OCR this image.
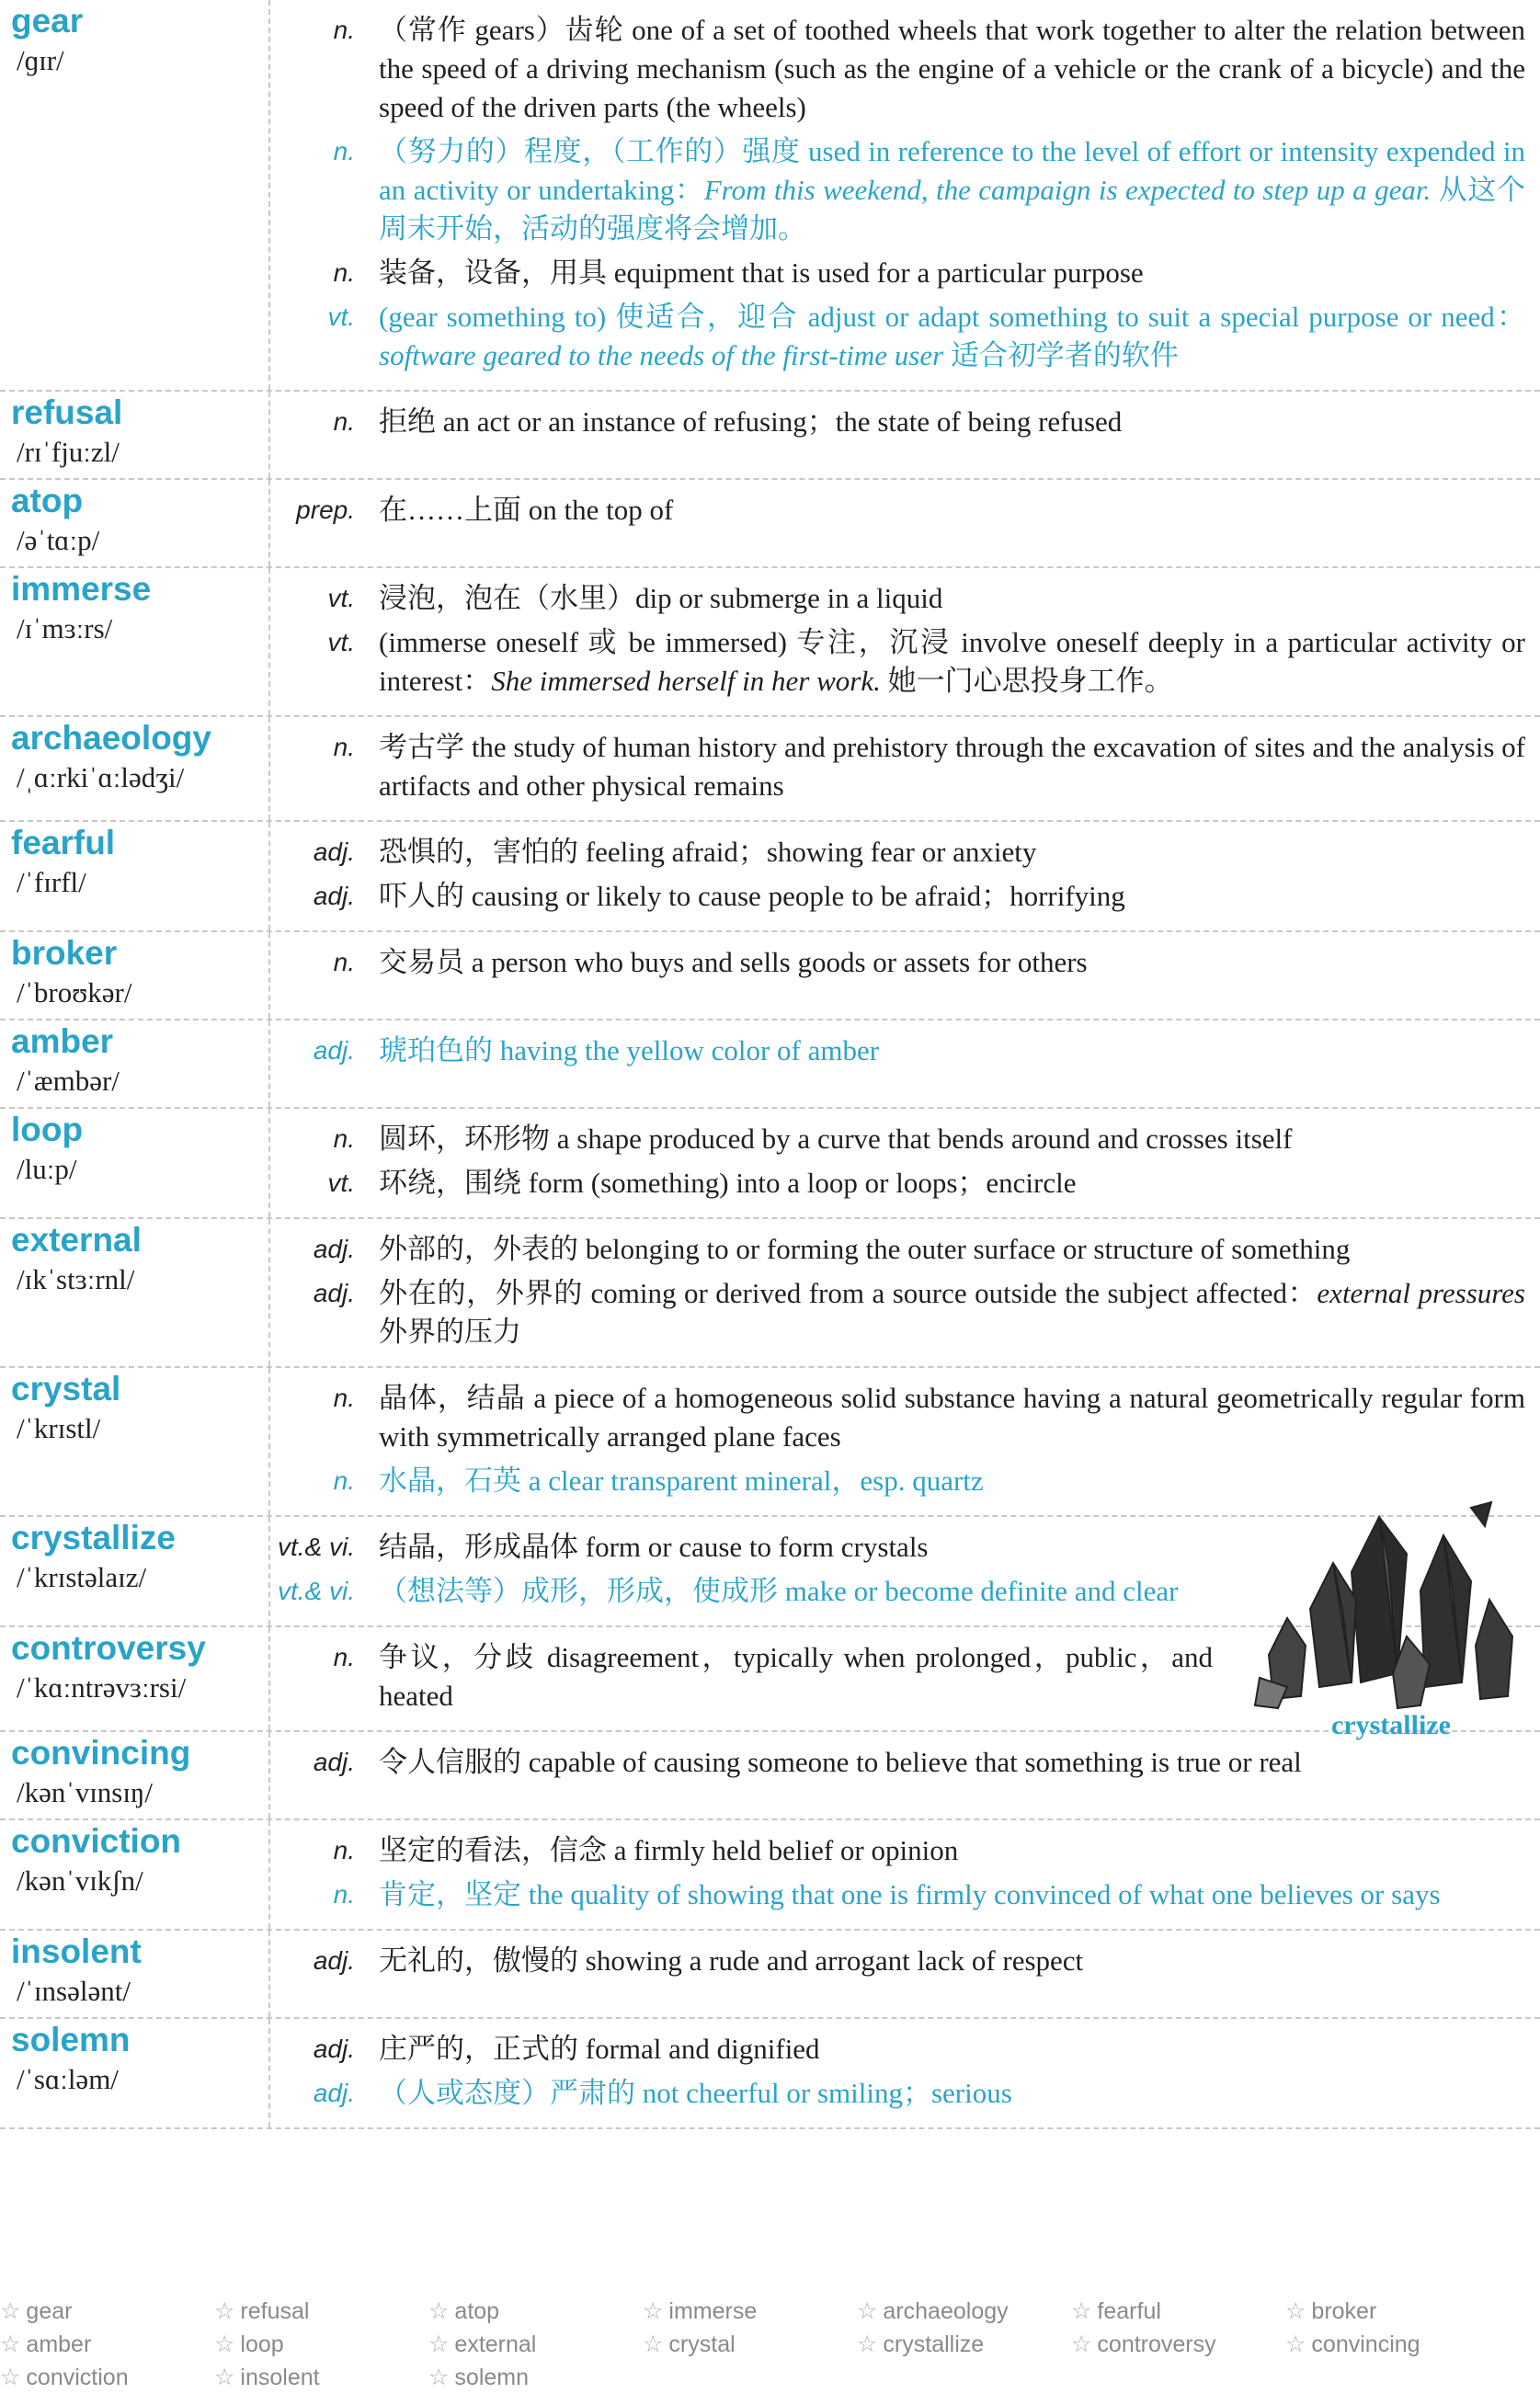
gear
/ɡɪr/
n. （常作 gears）齿轮 one of a set of toothed wheels that work together to alter the relation between the speed of a driving mechanism (such as the engine of a vehicle or the crank of a bicycle) and the speed of the driven parts (the wheels)
n. （努力的）程度，（工作的）强度 used in reference to the level of effort or intensity expended in an activity or undertaking：From this weekend, the campaign is expected to step up a gear. 从这个周末开始，活动的强度将会增加。
n. 装备，设备，用具 equipment that is used for a particular purpose
vt. (gear something to) 使适合，迎合 adjust or adapt something to suit a special purpose or need：software geared to the needs of the first-time user 适合初学者的软件
refusal
/rɪˈfjuːzl/
n. 拒绝 an act or an instance of refusing；the state of being refused
atop
/əˈtɑːp/
prep. 在……上面 on the top of
immerse
/ɪˈmɜːrs/
vt. 浸泡，泡在（水里）dip or submerge in a liquid
vt. (immerse oneself 或 be immersed) 专注，沉浸 involve oneself deeply in a particular activity or interest：She immersed herself in her work. 她一门心思投身工作。
archaeology
/ˌɑːrkiˈɑːlədʒi/
n. 考古学 the study of human history and prehistory through the excavation of sites and the analysis of artifacts and other physical remains
fearful
/ˈfɪrfl/
adj. 恐惧的，害怕的 feeling afraid；showing fear or anxiety
adj. 吓人的 causing or likely to cause people to be afraid；horrifying
broker
/ˈbroʊkər/
n. 交易员 a person who buys and sells goods or assets for others
amber
/ˈæmbər/
adj. 琥珀色的 having the yellow color of amber
loop
/luːp/
n. 圆环，环形物 a shape produced by a curve that bends around and crosses itself
vt. 环绕，围绕 form (something) into a loop or loops；encircle
external
/ɪkˈstɜːrnl/
adj. 外部的，外表的 belonging to or forming the outer surface or structure of something
adj. 外在的，外界的 coming or derived from a source outside the subject affected：external pressures 外界的压力
crystal
/ˈkrɪstl/
n. 晶体，结晶 a piece of a homogeneous solid substance having a natural geometrically regular form with symmetrically arranged plane faces
n. 水晶，石英 a clear transparent mineral，esp. quartz
crystallize
/ˈkrɪstəlaɪz/
vt.& vi. 结晶，形成晶体 form or cause to form crystals
vt.& vi. （想法等）成形，形成，使成形 make or become definite and clear
controversy
/ˈkɑːntrəvɜːrsi/
n. 争议，分歧 disagreement，typically when prolonged，public，and heated
convincing
/kənˈvɪnsɪŋ/
adj. 令人信服的 capable of causing someone to believe that something is true or real
conviction
/kənˈvɪkʃn/
n. 坚定的看法，信念 a firmly held belief or opinion
n. 肯定，坚定 the quality of showing that one is firmly convinced of what one believes or says
insolent
/ˈɪnsələnt/
adj. 无礼的，傲慢的 showing a rude and arrogant lack of respect
solemn
/ˈsɑːləm/
adj. 庄严的，正式的 formal and dignified
adj. （人或态度）严肃的 not cheerful or smiling；serious
crystallize
☆ gear	☆ refusal	☆ atop	☆ immerse	☆ archaeology	☆ fearful	☆ broker
☆ amber	☆ loop	☆ external	☆ crystal	☆ crystallize	☆ controversy	☆ convincing
☆ conviction	☆ insolent	☆ solemn
